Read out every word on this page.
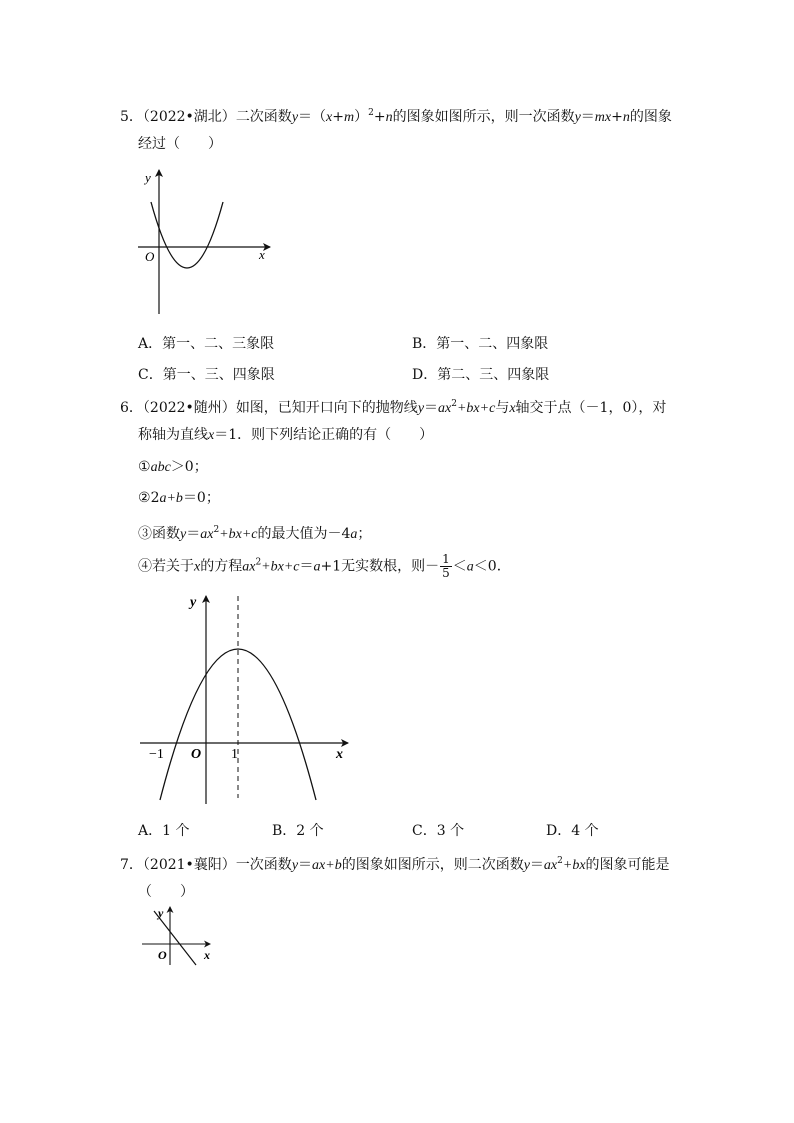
5．（2022•湖北）二次函数$y=(x+m)^2+n$的图象如图所示，则一次函数y＝mx+n的图象
经过（　　）
y
x
O
A．第一、二、三象限	B．第一、二、四象限
C．第一、三、四象限	D．第二、三、四象限
6．（2022•随州）如图，已知开口向下的抛物线$y=ax^2+bx+c$与x轴交于点（－1，0），对
称轴为直线x＝1．则下列结论正确的有（　　）
①abc＞0；
②2a+b＝0；
③函数$y=ax^2+bx+c$的最大值为－4a；
④若关于x的方程$ax^2+bx+c=a+1$无实数根，则－ $\frac{1}{5} <a<0$．
y
x
O
−1	1
A．1 个	B．2 个	C．3 个	D．4 个
7．（2021•襄阳）一次函数y＝ax+b的图象如图所示，则二次函数$y=ax^2+bx$的图象可能是
（　　）
y
x
O
